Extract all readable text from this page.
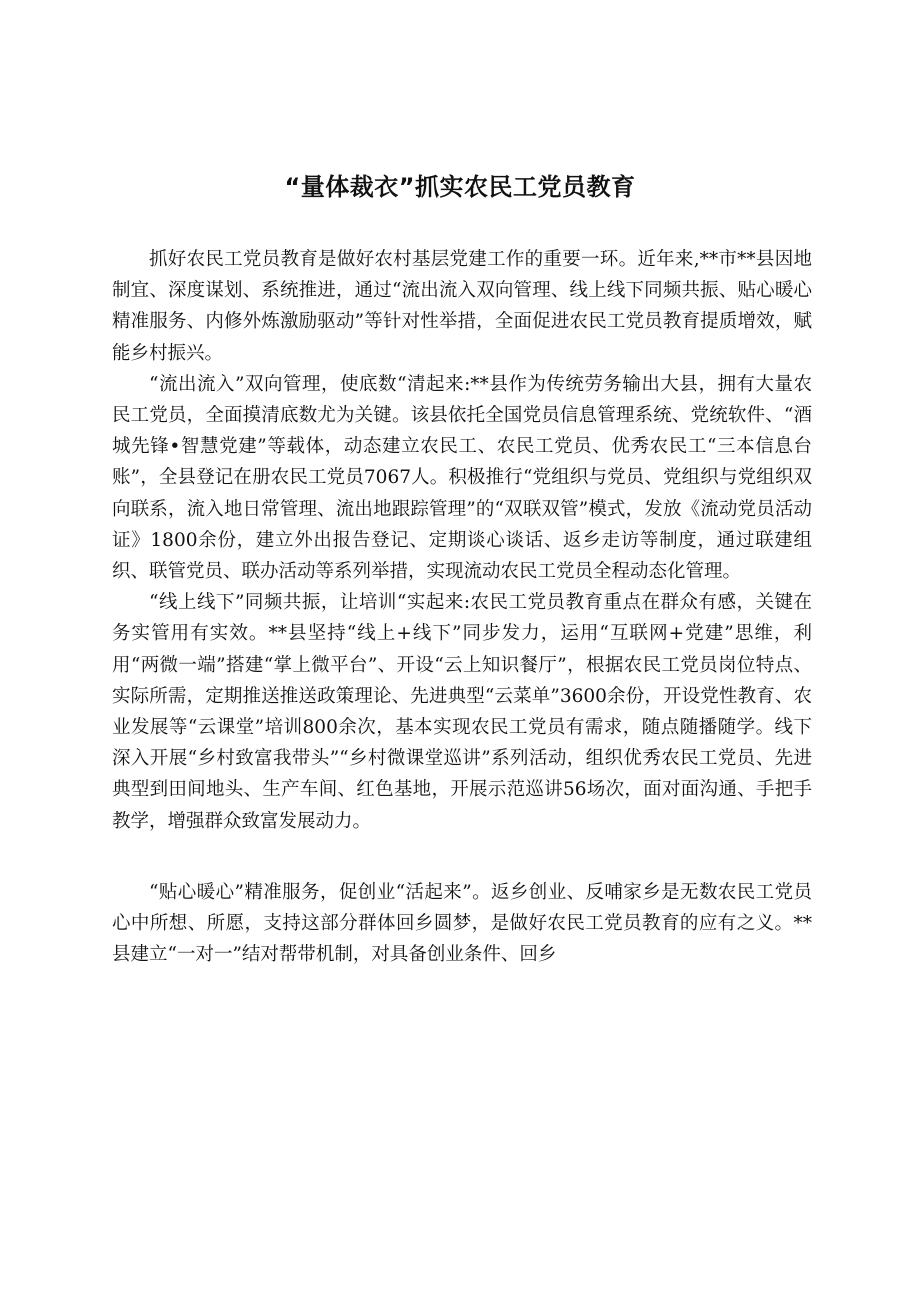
“量体裁衣”抓实农民工党员教育

抓好农民工党员教育是做好农村基层党建工作的重要一环。近年来,**市**县因地制宜、深度谋划、系统推进，通过“流出流入双向管理、线上线下同频共振、贴心暖心精准服务、内修外炼激励驱动”等针对性举措，全面促进农民工党员教育提质增效，赋能乡村振兴。

“流出流入”双向管理，使底数“清起来:**县作为传统劳务输出大县，拥有大量农民工党员，全面摸清底数尤为关键。该县依托全国党员信息管理系统、党统软件、“酒城先锋•智慧党建”等载体，动态建立农民工、农民工党员、优秀农民工“三本信息台账”，全县登记在册农民工党员7067人。积极推行“党组织与党员、党组织与党组织双向联系，流入地日常管理、流出地跟踪管理”的“双联双管”模式，发放《流动党员活动证》1800余份，建立外出报告登记、定期谈心谈话、返乡走访等制度，通过联建组织、联管党员、联办活动等系列举措，实现流动农民工党员全程动态化管理。

“线上线下”同频共振，让培训“实起来:农民工党员教育重点在群众有感，关键在务实管用有实效。**县坚持“线上+线下”同步发力，运用“互联网+党建”思维，利用“两微一端”搭建“掌上微平台”、开设“云上知识餐厅”，根据农民工党员岗位特点、实际所需，定期推送推送政策理论、先进典型“云菜单”3600余份，开设党性教育、农业发展等“云课堂”培训800余次，基本实现农民工党员有需求，随点随播随学。线下深入开展“乡村致富我带头”“乡村微课堂巡讲”系列活动，组织优秀农民工党员、先进典型到田间地头、生产车间、红色基地，开展示范巡讲56场次，面对面沟通、手把手教学，增强群众致富发展动力。

“贴心暖心”精准服务，促创业“活起来”。返乡创业、反哺家乡是无数农民工党员心中所想、所愿，支持这部分群体回乡圆梦，是做好农民工党员教育的应有之义。**县建立“一对一”结对帮带机制，对具备创业条件、回乡
